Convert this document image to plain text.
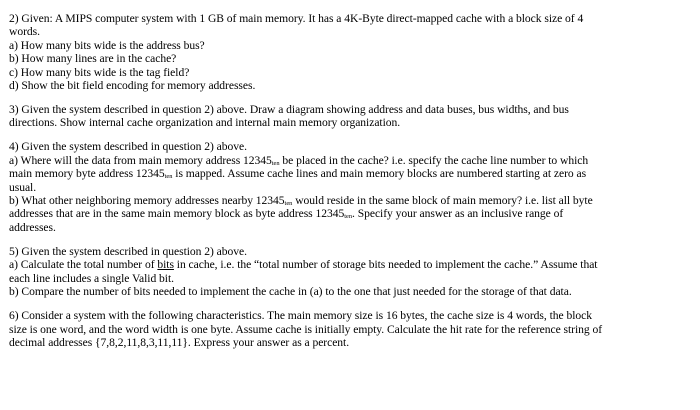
2) Given: A MIPS computer system with 1 GB of main memory. It has a 4K-Byte direct-mapped cache with a block size of 4
words.
a) How many bits wide is the address bus?
b) How many lines are in the cache?
c) How many bits wide is the tag field?
d) Show the bit field encoding for memory addresses.
3) Given the system described in question 2) above. Draw a diagram showing address and data buses, bus widths, and bus
directions. Show internal cache organization and internal main memory organization.
4) Given the system described in question 2) above.
a) Where will the data from main memory address 12345ten be placed in the cache? i.e. specify the cache line number to which
main memory byte address 12345ten is mapped. Assume cache lines and main memory blocks are numbered starting at zero as
usual.
b) What other neighboring memory addresses nearby 12345ten would reside in the same block of main memory? i.e. list all byte
addresses that are in the same main memory block as byte address 12345ten. Specify your answer as an inclusive range of
addresses.
5) Given the system described in question 2) above.
a) Calculate the total number of bits in cache, i.e. the “total number of storage bits needed to implement the cache.” Assume that
each line includes a single Valid bit.
b) Compare the number of bits needed to implement the cache in (a) to the one that just needed for the storage of that data.
6) Consider a system with the following characteristics. The main memory size is 16 bytes, the cache size is 4 words, the block
size is one word, and the word width is one byte. Assume cache is initially empty. Calculate the hit rate for the reference string of
decimal addresses {7,8,2,11,8,3,11,11}. Express your answer as a percent.
